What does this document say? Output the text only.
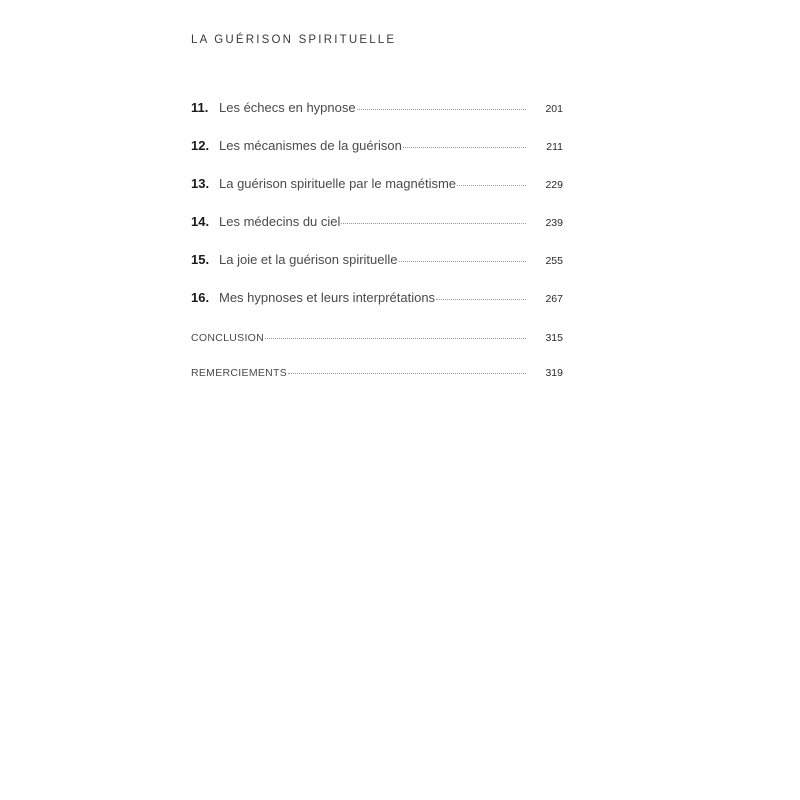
LA GUÉRISON SPIRITUELLE
11. Les échecs en hypnose	201
12. Les mécanismes de la guérison	211
13. La guérison spirituelle par le magnétisme	229
14. Les médecins du ciel	239
15. La joie et la guérison spirituelle	255
16. Mes hypnoses et leurs interprétations	267
CONCLUSION	315
REMERCIEMENTS	319
